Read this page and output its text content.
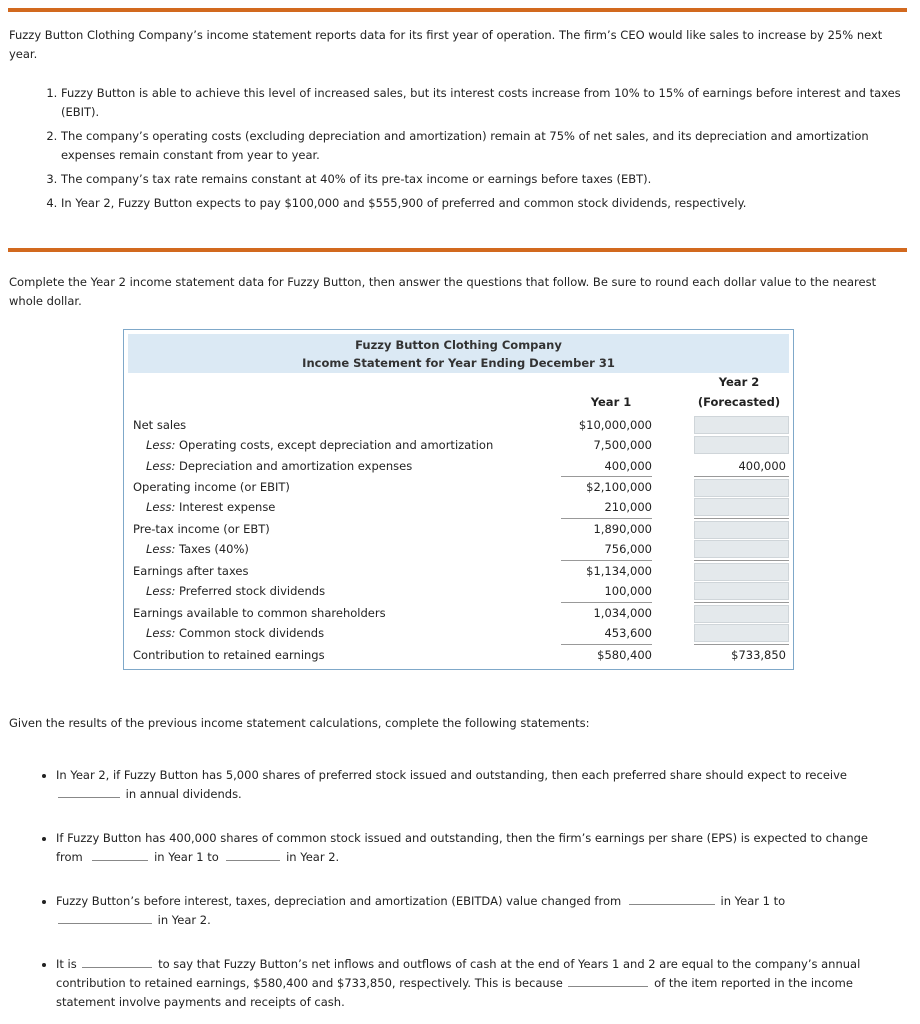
Fuzzy Button Clothing Company’s income statement reports data for its first year of operation. The firm’s CEO would like sales to increase by 25% next year.

1. Fuzzy Button is able to achieve this level of increased sales, but its interest costs increase from 10% to 15% of earnings before interest and taxes (EBIT).
2. The company’s operating costs (excluding depreciation and amortization) remain at 75% of net sales, and its depreciation and amortization expenses remain constant from year to year.
3. The company’s tax rate remains constant at 40% of its pre-tax income or earnings before taxes (EBT).
4. In Year 2, Fuzzy Button expects to pay $100,000 and $555,900 of preferred and common stock dividends, respectively.

Complete the Year 2 income statement data for Fuzzy Button, then answer the questions that follow. Be sure to round each dollar value to the nearest whole dollar.

Fuzzy Button Clothing Company
Income Statement for Year Ending December 31
Year 1
Year 2
(Forecasted)
Net sales	$10,000,000
Less: Operating costs, except depreciation and amortization	7,500,000
Less: Depreciation and amortization expenses	400,000	400,000
Operating income (or EBIT)	$2,100,000
Less: Interest expense	210,000
Pre-tax income (or EBT)	1,890,000
Less: Taxes (40%)	756,000
Earnings after taxes	$1,134,000
Less: Preferred stock dividends	100,000
Earnings available to common shareholders	1,034,000
Less: Common stock dividends	453,600
Contribution to retained earnings	$580,400	$733,850

Given the results of the previous income statement calculations, complete the following statements:

• In Year 2, if Fuzzy Button has 5,000 shares of preferred stock issued and outstanding, then each preferred share should expect to receive
in annual dividends.
• If Fuzzy Button has 400,000 shares of common stock issued and outstanding, then the firm’s earnings per share (EPS) is expected to change from	in Year 1 to	in Year 2.
• Fuzzy Button’s before interest, taxes, depreciation and amortization (EBITDA) value changed from	in Year 1 to
in Year 2.
• It is	to say that Fuzzy Button’s net inflows and outflows of cash at the end of Years 1 and 2 are equal to the company’s annual contribution to retained earnings, $580,400 and $733,850, respectively. This is because	of the item reported in the income statement involve payments and receipts of cash.
